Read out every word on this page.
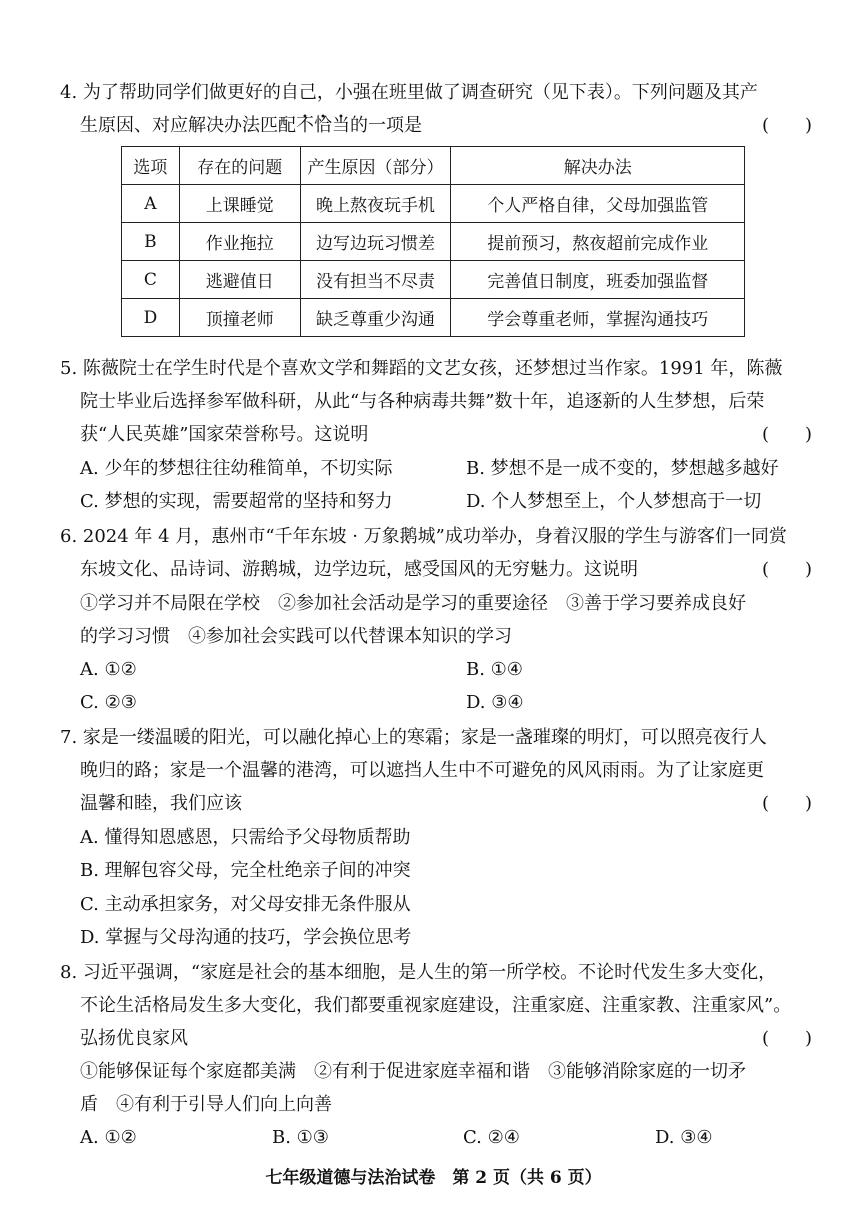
4. 为了帮助同学们做更好的自己，小强在班里做了调查研究（见下表）。下列问题及其产
生原因、对应解决办法匹配不恰当的一项是	(　　)
选项	存在的问题	产生原因（部分）	解决办法
A	上课睡觉	晚上熬夜玩手机	个人严格自律，父母加强监管
B	作业拖拉	边写边玩习惯差	提前预习，熬夜超前完成作业
C	逃避值日	没有担当不尽责	完善值日制度，班委加强监督
D	顶撞老师	缺乏尊重少沟通	学会尊重老师，掌握沟通技巧
5. 陈薇院士在学生时代是个喜欢文学和舞蹈的文艺女孩，还梦想过当作家。1991 年，陈薇
院士毕业后选择参军做科研，从此“与各种病毒共舞”数十年，追逐新的人生梦想，后荣
获“人民英雄”国家荣誉称号。这说明	(　　)
A. 少年的梦想往往幼稚简单，不切实际	B. 梦想不是一成不变的，梦想越多越好
C. 梦想的实现，需要超常的坚持和努力	D. 个人梦想至上，个人梦想高于一切
6. 2024 年 4 月，惠州市“千年东坡 · 万象鹅城”成功举办，身着汉服的学生与游客们一同赏
东坡文化、品诗词、游鹅城，边学边玩，感受国风的无穷魅力。这说明	(　　)
①学习并不局限在学校　②参加社会活动是学习的重要途径　③善于学习要养成良好
的学习习惯　④参加社会实践可以代替课本知识的学习
A. ①②	B. ①④
C. ②③	D. ③④
7. 家是一缕温暖的阳光，可以融化掉心上的寒霜；家是一盏璀璨的明灯，可以照亮夜行人
晚归的路；家是一个温馨的港湾，可以遮挡人生中不可避免的风风雨雨。为了让家庭更
温馨和睦，我们应该	(　　)
A. 懂得知恩感恩，只需给予父母物质帮助
B. 理解包容父母，完全杜绝亲子间的冲突
C. 主动承担家务，对父母安排无条件服从
D. 掌握与父母沟通的技巧，学会换位思考
8. 习近平强调，“家庭是社会的基本细胞，是人生的第一所学校。不论时代发生多大变化，
不论生活格局发生多大变化，我们都要重视家庭建设，注重家庭、注重家教、注重家风”。
弘扬优良家风	(　　)
①能够保证每个家庭都美满　②有利于促进家庭幸福和谐　③能够消除家庭的一切矛
盾　④有利于引导人们向上向善
A. ①②	B. ①③	C. ②④	D. ③④
七年级道德与法治试卷　第 2 页（共 6 页）
